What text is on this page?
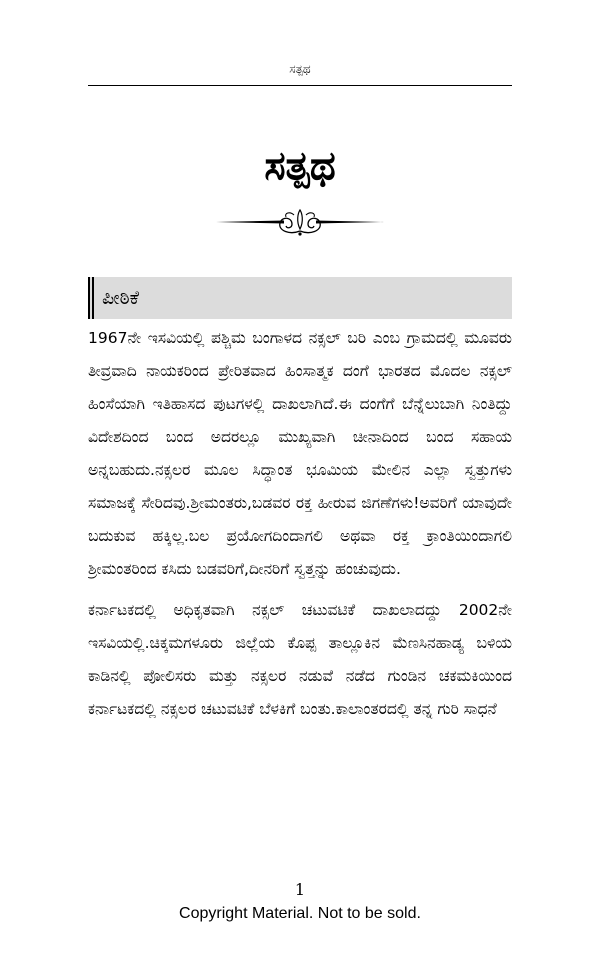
ಸತ್ಪಥ
ಸತ್ಪಥ
ಪೀಠಿಕೆ

1967ನೇ ಇಸವಿಯಲ್ಲಿ ಪಶ್ಚಿಮ ಬಂಗಾಳದ ನಕ್ಸಲ್ ಬರಿ ಎಂಬ ಗ್ರಾಮದಲ್ಲಿ ಮೂವರು ತೀವ್ರವಾದಿ ನಾಯಕರಿಂದ ಪ್ರೇರಿತವಾದ ಹಿಂಸಾತ್ಮಕ ದಂಗೆ ಭಾರತದ ಮೊದಲ ನಕ್ಸಲ್ ಹಿಂಸೆಯಾಗಿ ಇತಿಹಾಸದ ಪುಟಗಳಲ್ಲಿ ದಾಖಲಾಗಿದೆ.ಈ ದಂಗೆಗೆ ಬೆನ್ನೆಲುಬಾಗಿ ನಿಂತಿದ್ದು ವಿದೇಶದಿಂದ ಬಂದ ಅದರಲ್ಲೂ ಮುಖ್ಯವಾಗಿ ಚೀನಾದಿಂದ ಬಂದ ಸಹಾಯ ಅನ್ನಬಹುದು.ನಕ್ಸಲರ ಮೂಲ ಸಿದ್ಧಾಂತ ಭೂಮಿಯ ಮೇಲಿನ ಎಲ್ಲಾ ಸ್ವತ್ತುಗಳು ಸಮಾಜಕ್ಕೆ ಸೇರಿದವು.ಶ್ರೀಮಂತರು,ಬಡವರ ರಕ್ತ ಹೀರುವ ಜಿಗಣೆಗಳು!ಅವರಿಗೆ ಯಾವುದೇ ಬದುಕುವ ಹಕ್ಕಿಲ್ಲ.ಬಲ ಪ್ರಯೋಗದಿಂದಾಗಲಿ ಅಥವಾ ರಕ್ತ ಕ್ರಾಂತಿಯಿಂದಾಗಲಿ ಶ್ರೀಮಂತರಿಂದ ಕಸಿದು ಬಡವರಿಗೆ,ದೀನರಿಗೆ ಸ್ವತ್ತನ್ನು ಹಂಚುವುದು.

ಕರ್ನಾಟಕದಲ್ಲಿ ಅಧಿಕೃತವಾಗಿ ನಕ್ಸಲ್ ಚಟುವಟಿಕೆ ದಾಖಲಾದದ್ದು 2002ನೇ ಇಸವಿಯಲ್ಲಿ.ಚಿಕ್ಕಮಗಳೂರು ಜಿಲ್ಲೆಯ ಕೊಪ್ಪ ತಾಲ್ಲೂಕಿನ ಮೆಣಸಿನಹಾಡ್ಯ ಬಳಿಯ ಕಾಡಿನಲ್ಲಿ ಪೋಲಿಸರು ಮತ್ತು ನಕ್ಸಲರ ನಡುವೆ ನಡೆದ ಗುಂಡಿನ ಚಕಮಕಿಯಿಂದ ಕರ್ನಾಟಕದಲ್ಲಿ ನಕ್ಸಲರ ಚಟುವಟಿಕೆ ಬೆಳಕಿಗೆ ಬಂತು.ಕಾಲಾಂತರದಲ್ಲಿ ತನ್ನ ಗುರಿ ಸಾಧನೆ

1
Copyright Material. Not to be sold.
